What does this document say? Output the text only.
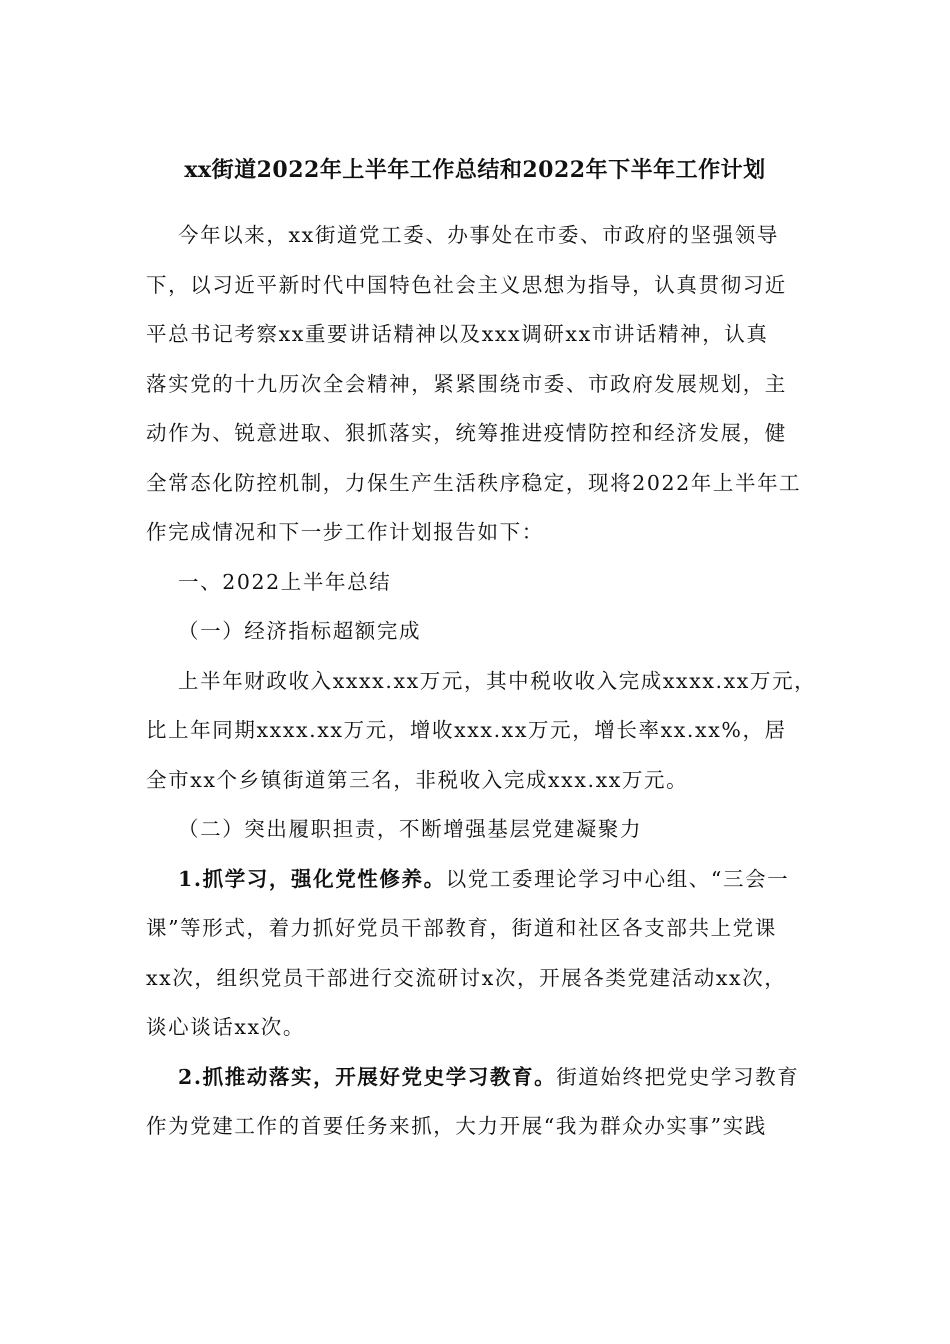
xx街道2022年上半年工作总结和2022年下半年工作计划
今年以来，xx街道党工委、办事处在市委、市政府的坚强领导
下，以习近平新时代中国特色社会主义思想为指导，认真贯彻习近
平总书记考察xx重要讲话精神以及xxx调研xx市讲话精神，认真
落实党的十九历次全会精神，紧紧围绕市委、市政府发展规划，主
动作为、锐意进取、狠抓落实，统筹推进疫情防控和经济发展，健
全常态化防控机制，力保生产生活秩序稳定，现将2022年上半年工
作完成情况和下一步工作计划报告如下：
一、2022上半年总结
（一）经济指标超额完成
上半年财政收入xxxx.xx万元，其中税收收入完成xxxx.xx万元，
比上年同期xxxx.xx万元，增收xxx.xx万元，增长率xx.xx%，居
全市xx个乡镇街道第三名，非税收入完成xxx.xx万元。
（二）突出履职担责，不断增强基层党建凝聚力
1.抓学习，强化党性修养。以党工委理论学习中心组、“三会一
课”等形式，着力抓好党员干部教育，街道和社区各支部共上党课
xx次，组织党员干部进行交流研讨x次，开展各类党建活动xx次，
谈心谈话xx次。
2.抓推动落实，开展好党史学习教育。街道始终把党史学习教育
作为党建工作的首要任务来抓，大力开展“我为群众办实事”实践
